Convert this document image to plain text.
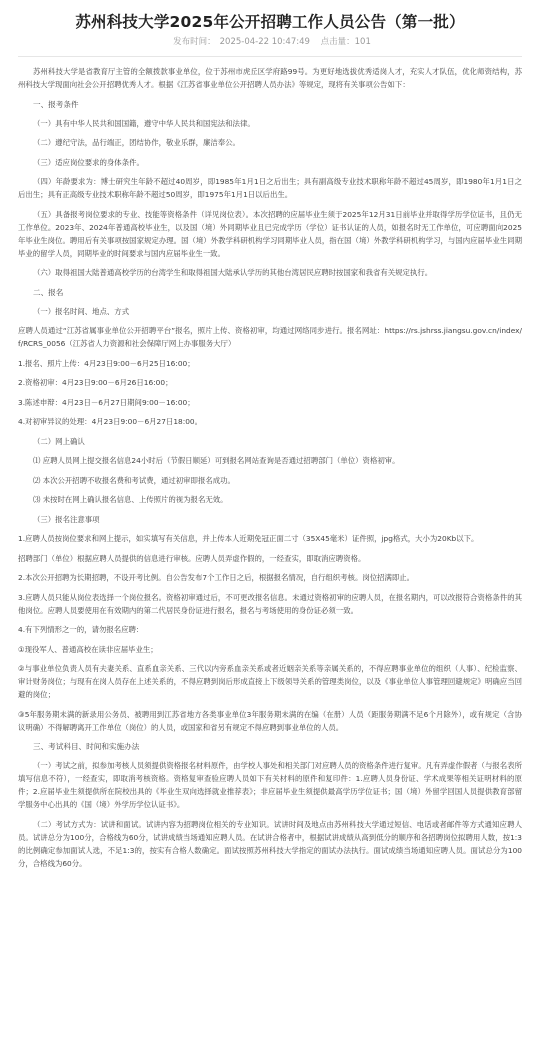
苏州科技大学2025年公开招聘工作人员公告（第一批）
发布时间： 2025-04-22 10:47:49 点击量：101

苏州科技大学是省教育厅主管的全额拨款事业单位，位于苏州市虎丘区学府路99号。为更好地选拔优秀适岗人才，充实人才队伍，优化师资结构，苏州科技大学现面向社会公开招聘优秀人才。根据《江苏省事业单位公开招聘人员办法》等规定，现将有关事项公告如下：

一、报考条件

（一）具有中华人民共和国国籍，遵守中华人民共和国宪法和法律。

（二）遵纪守法，品行端正，团结协作，敬业乐群，廉洁奉公。

（三）适应岗位要求的身体条件。

（四）年龄要求为：博士研究生年龄不超过40周岁，即1985年1月1日之后出生；具有副高级专业技术职称年龄不超过45周岁，即1980年1月1日之后出生；具有正高级专业技术职称年龄不超过50周岁，即1975年1月1日以后出生。

（五）具备报考岗位要求的专业、技能等资格条件（详见岗位表）。本次招聘的应届毕业生须于2025年12月31日前毕业并取得学历学位证书，且仍无工作单位。2023年、2024年普通高校毕业生，以及国（境）外同期毕业且已完成学历（学位）证书认证的人员，如报名时无工作单位，可应聘面向2025年毕业生岗位。聘用后有关事项按国家规定办理。国（境）外教学科研机构学习同期毕业人员，指在国（境）外教学科研机构学习，与国内应届毕业生同期毕业的留学人员，同期毕业的时间要求与国内应届毕业生一致。

（六）取得祖国大陆普通高校学历的台湾学生和取得祖国大陆承认学历的其他台湾居民应聘时按国家和我省有关规定执行。

二、报名

（一）报名时间、地点、方式

应聘人员通过“江苏省属事业单位公开招聘平台”报名，照片上传、资格初审，均通过网络同步进行。报名网址：https://rs.jshrss.jiangsu.gov.cn/index/f/RCRS_0056（江苏省人力资源和社会保障厅网上办事服务大厅）

1.报名、照片上传：4月23日9:00－6月25日16:00；

2.资格初审：4月23日9:00－6月26日16:00；

3.陈述申辩：4月23日－6月27日期间9:00－16:00；

4.对初审异议的处理：4月23日9:00－6月27日18:00。

（二）网上确认

⑴ 应聘人员网上提交报名信息24小时后（节假日顺延）可到报名网站查询是否通过招聘部门（单位）资格初审。

⑵ 本次公开招聘不收报名费和考试费，通过初审即报名成功。

⑶ 未按时在网上确认报名信息、上传照片的视为报名无效。

（三）报名注意事项

1.应聘人员按岗位要求和网上提示，如实填写有关信息，并上传本人近期免冠正面二寸（35X45毫米）证件照，jpg格式，大小为20Kb以下。

招聘部门（单位）根据应聘人员提供的信息进行审核。应聘人员弄虚作假的，一经查实，即取消应聘资格。

2.本次公开招聘为长期招聘，不设开考比例。自公告发布7个工作日之后，根据报名情况，自行组织考核。岗位招满即止。

3.应聘人员只能从岗位表选择一个岗位报名。资格初审通过后，不可更改报名信息。未通过资格初审的应聘人员，在报名期内，可以改报符合资格条件的其他岗位。应聘人员要使用在有效期内的第二代居民身份证进行报名，报名与考场使用的身份证必须一致。

4.有下列情形之一的，请勿报名应聘：

①现役军人、普通高校在读非应届毕业生；

②与事业单位负责人员有夫妻关系、直系血亲关系、三代以内旁系血亲关系或者近姻亲关系等亲属关系的，不得应聘事业单位的组织（人事）、纪检监察、审计财务岗位；与现有在岗人员存在上述关系的，不得应聘到岗后形成直接上下级领导关系的管理类岗位，以及《事业单位人事管理回避规定》明确应当回避的岗位；

③5年服务期未满的新录用公务员、被聘用到江苏省地方各类事业单位3年服务期未满的在编（在册）人员（距服务期满不足6个月除外），或有规定（含协议明确）不得解聘离开工作单位（岗位）的人员，或国家和省另有规定不得应聘到事业单位的人员。

三、考试科目、时间和实施办法

（一）考试之前，拟参加考核人员须提供资格报名材料原件，由学校人事处和相关部门对应聘人员的资格条件进行复审。凡有弄虚作假者（与报名表所填写信息不符），一经查实，即取消考核资格。资格复审查验应聘人员如下有关材料的原件和复印件：1.应聘人员身份证、学术成果等相关证明材料的原件；2.应届毕业生须提供所在院校出具的《毕业生双向选择就业推荐表》；非应届毕业生须提供最高学历学位证书；国（境）外留学回国人员提供教育部留学服务中心出具的《国（境）外学历学位认证书》。

（二）考试方式为：试讲和面试。试讲内容为招聘岗位相关的专业知识。试讲时间及地点由苏州科技大学通过短信、电话或者邮件等方式通知应聘人员。试讲总分为100分，合格线为60分，试讲成绩当场通知应聘人员。在试讲合格者中，根据试讲成绩从高到低分的顺序和各招聘岗位拟聘用人数，按1:3的比例确定参加面试人选，不足1:3的，按实有合格人数确定。面试按照苏州科技大学指定的面试办法执行。面试成绩当场通知应聘人员。面试总分为100分，合格线为60分。
